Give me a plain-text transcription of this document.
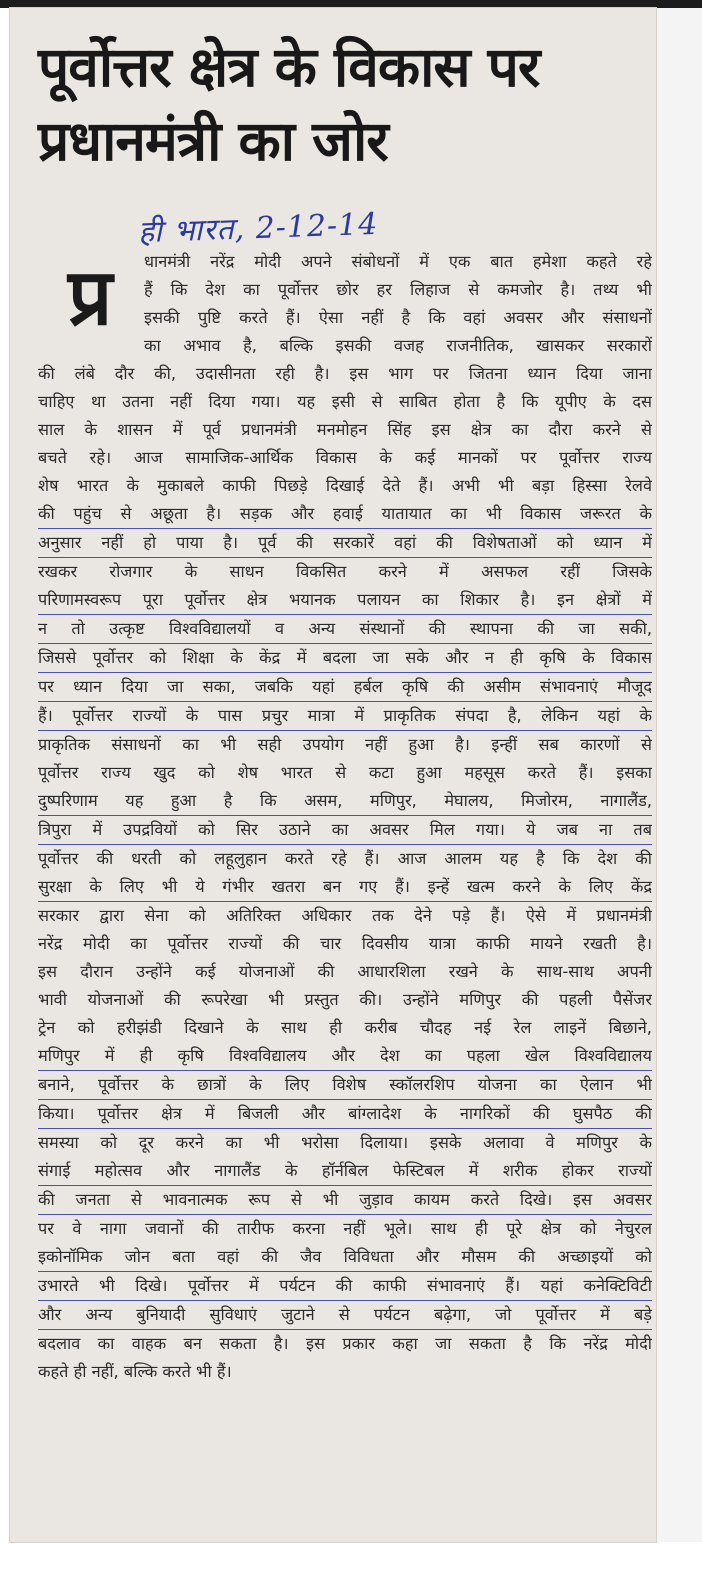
पूर्वोत्तर क्षेत्र के विकास पर प्रधानमंत्री का जोर
ही भारत, 2-12-14
प्र	धानमंत्री नरेंद्र मोदी अपने संबोधनों में एक बात हमेशा कहते रहे
हैं कि देश का पूर्वोत्तर छोर हर लिहाज से कमजोर है। तथ्य भी
इसकी पुष्टि करते हैं। ऐसा नहीं है कि वहां अवसर और संसाधनों
का अभाव है, बल्कि इसकी वजह राजनीतिक, खासकर सरकारों
की लंबे दौर की, उदासीनता रही है। इस भाग पर जितना ध्यान दिया जाना
चाहिए था उतना नहीं दिया गया। यह इसी से साबित होता है कि यूपीए के दस
साल के शासन में पूर्व प्रधानमंत्री मनमोहन सिंह इस क्षेत्र का दौरा करने से
बचते रहे। आज सामाजिक-आर्थिक विकास के कई मानकों पर पूर्वोत्तर राज्य
शेष भारत के मुकाबले काफी पिछड़े दिखाई देते हैं। अभी भी बड़ा हिस्सा रेलवे
की पहुंच से अछूता है। सड़क और हवाई यातायात का भी विकास जरूरत के
अनुसार नहीं हो पाया है। पूर्व की सरकारें वहां की विशेषताओं को ध्यान में
रखकर रोजगार के साधन विकसित करने में असफल रहीं जिसके
परिणामस्वरूप पूरा पूर्वोत्तर क्षेत्र भयानक पलायन का शिकार है। इन क्षेत्रों में
न तो उत्कृष्ट विश्वविद्यालयों व अन्य संस्थानों की स्थापना की जा सकी,
जिससे पूर्वोत्तर को शिक्षा के केंद्र में बदला जा सके और न ही कृषि के विकास
पर ध्यान दिया जा सका, जबकि यहां हर्बल कृषि की असीम संभावनाएं मौजूद
हैं। पूर्वोत्तर राज्यों के पास प्रचुर मात्रा में प्राकृतिक संपदा है, लेकिन यहां के
प्राकृतिक संसाधनों का भी सही उपयोग नहीं हुआ है। इन्हीं सब कारणों से
पूर्वोत्तर राज्य खुद को शेष भारत से कटा हुआ महसूस करते हैं। इसका
दुष्परिणाम यह हुआ है कि असम, मणिपुर, मेघालय, मिजोरम, नागालैंड,
त्रिपुरा में उपद्रवियों को सिर उठाने का अवसर मिल गया। ये जब ना तब
पूर्वोत्तर की धरती को लहूलुहान करते रहे हैं। आज आलम यह है कि देश की
सुरक्षा के लिए भी ये गंभीर खतरा बन गए हैं। इन्हें खत्म करने के लिए केंद्र
सरकार द्वारा सेना को अतिरिक्त अधिकार तक देने पड़े हैं। ऐसे में प्रधानमंत्री
नरेंद्र मोदी का पूर्वोत्तर राज्यों की चार दिवसीय यात्रा काफी मायने रखती है।
इस दौरान उन्होंने कई योजनाओं की आधारशिला रखने के साथ-साथ अपनी
भावी योजनाओं की रूपरेखा भी प्रस्तुत की। उन्होंने मणिपुर की पहली पैसेंजर
ट्रेन को हरीझंडी दिखाने के साथ ही करीब चौदह नई रेल लाइनें बिछाने,
मणिपुर में ही कृषि विश्वविद्यालय और देश का पहला खेल विश्वविद्यालय
बनाने, पूर्वोत्तर के छात्रों के लिए विशेष स्कॉलरशिप योजना का ऐलान भी
किया। पूर्वोत्तर क्षेत्र में बिजली और बांग्लादेश के नागरिकों की घुसपैठ की
समस्या को दूर करने का भी भरोसा दिलाया। इसके अलावा वे मणिपुर के
संगाई महोत्सव और नागालैंड के हॉर्नबिल फेस्टिबल में शरीक होकर राज्यों
की जनता से भावनात्मक रूप से भी जुड़ाव कायम करते दिखे। इस अवसर
पर वे नागा जवानों की तारीफ करना नहीं भूले। साथ ही पूरे क्षेत्र को नेचुरल
इकोनॉमिक जोन बता वहां की जैव विविधता और मौसम की अच्छाइयों को
उभारते भी दिखे। पूर्वोत्तर में पर्यटन की काफी संभावनाएं हैं। यहां कनेक्टिविटी
और अन्य बुनियादी सुविधाएं जुटाने से पर्यटन बढ़ेगा, जो पूर्वोत्तर में बड़े
बदलाव का वाहक बन सकता है। इस प्रकार कहा जा सकता है कि नरेंद्र मोदी
कहते ही नहीं, बल्कि करते भी हैं।
